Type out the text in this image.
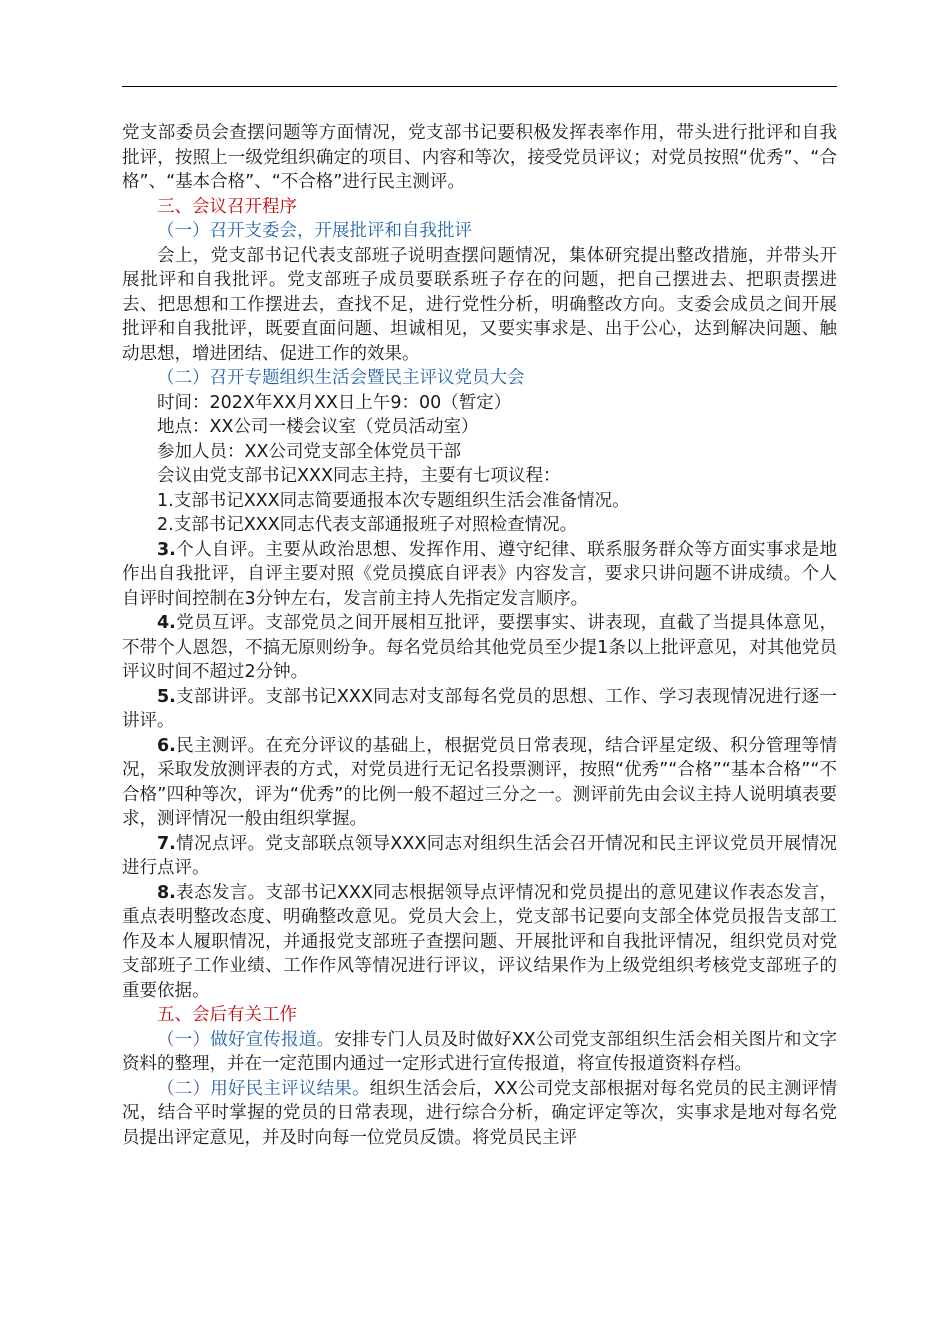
党支部委员会查摆问题等方面情况，党支部书记要积极发挥表率作用，带头进行批评和自我批评，按照上一级党组织确定的项目、内容和等次，接受党员评议；对党员按照“优秀”、“合格”、“基本合格”、“不合格”进行民主测评。

三、会议召开程序

（一）召开支委会，开展批评和自我批评

会上，党支部书记代表支部班子说明查摆问题情况，集体研究提出整改措施，并带头开展批评和自我批评。党支部班子成员要联系班子存在的问题，把自己摆进去、把职责摆进去、把思想和工作摆进去，查找不足，进行党性分析，明确整改方向。支委会成员之间开展批评和自我批评，既要直面问题、坦诚相见，又要实事求是、出于公心，达到解决问题、触动思想，增进团结、促进工作的效果。

（二）召开专题组织生活会暨民主评议党员大会

时间：202X年XX月XX日上午9：00（暂定）

地点：XX公司一楼会议室（党员活动室）

参加人员：XX公司党支部全体党员干部

会议由党支部书记XXX同志主持，主要有七项议程：

1.支部书记XXX同志简要通报本次专题组织生活会准备情况。

2.支部书记XXX同志代表支部通报班子对照检查情况。

3.个人自评。主要从政治思想、发挥作用、遵守纪律、联系服务群众等方面实事求是地作出自我批评，自评主要对照《党员摸底自评表》内容发言，要求只讲问题不讲成绩。个人自评时间控制在3分钟左右，发言前主持人先指定发言顺序。

4.党员互评。支部党员之间开展相互批评，要摆事实、讲表现，直截了当提具体意见，不带个人恩怨，不搞无原则纷争。每名党员给其他党员至少提1条以上批评意见，对其他党员评议时间不超过2分钟。

5.支部讲评。支部书记XXX同志对支部每名党员的思想、工作、学习表现情况进行逐一讲评。

6.民主测评。在充分评议的基础上，根据党员日常表现，结合评星定级、积分管理等情况，采取发放测评表的方式，对党员进行无记名投票测评，按照“优秀”“合格”“基本合格”“不合格”四种等次，评为“优秀”的比例一般不超过三分之一。测评前先由会议主持人说明填表要求，测评情况一般由组织掌握。

7.情况点评。党支部联点领导XXX同志对组织生活会召开情况和民主评议党员开展情况进行点评。

8.表态发言。支部书记XXX同志根据领导点评情况和党员提出的意见建议作表态发言，重点表明整改态度、明确整改意见。党员大会上，党支部书记要向支部全体党员报告支部工作及本人履职情况，并通报党支部班子查摆问题、开展批评和自我批评情况，组织党员对党支部班子工作业绩、工作作风等情况进行评议，评议结果作为上级党组织考核党支部班子的重要依据。

五、会后有关工作

（一）做好宣传报道。安排专门人员及时做好XX公司党支部组织生活会相关图片和文字资料的整理，并在一定范围内通过一定形式进行宣传报道，将宣传报道资料存档。

（二）用好民主评议结果。组织生活会后，XX公司党支部根据对每名党员的民主测评情况，结合平时掌握的党员的日常表现，进行综合分析，确定评定等次，实事求是地对每名党员提出评定意见，并及时向每一位党员反馈。将党员民主评
